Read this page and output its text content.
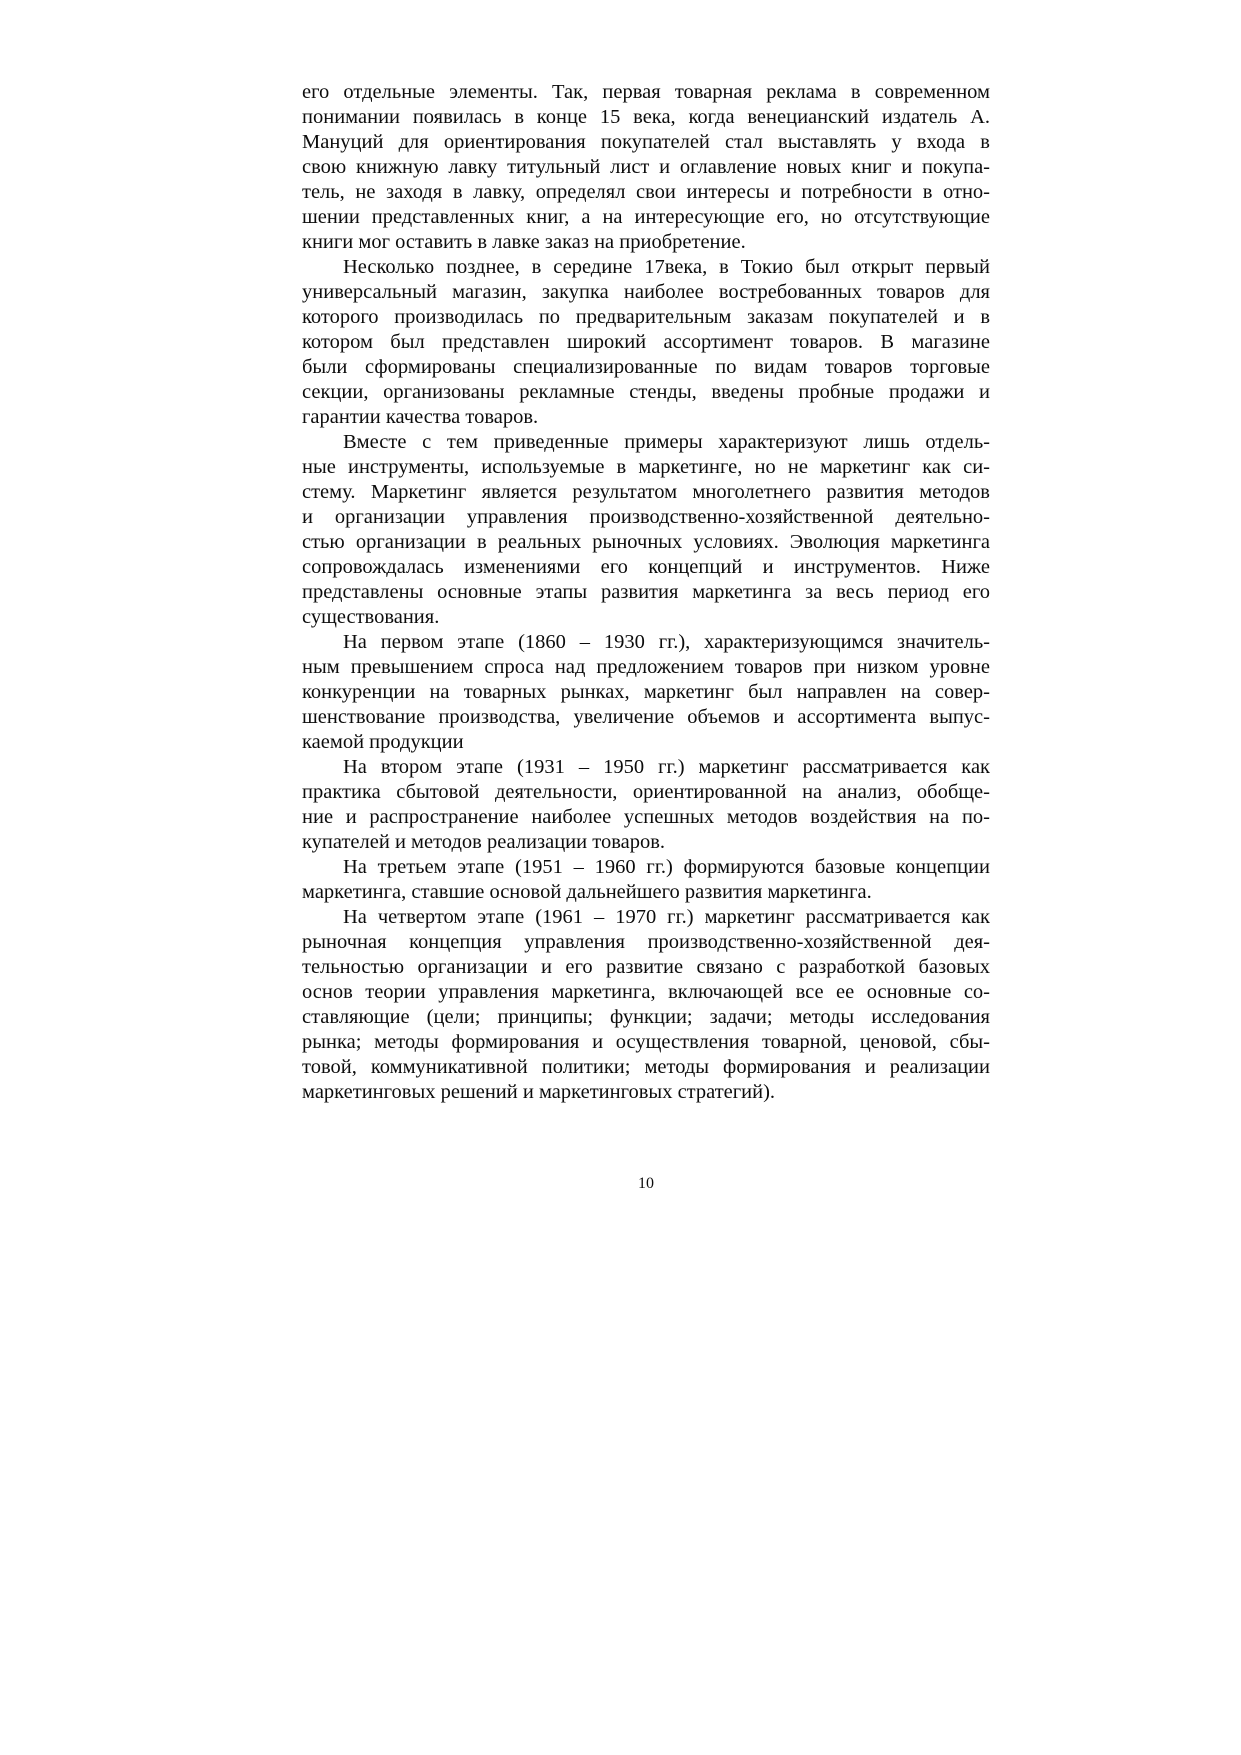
его отдельные элементы. Так, первая товарная реклама в современном
понимании появилась в конце 15 века, когда венецианский издатель А.
Мануций для ориентирования покупателей стал выставлять у входа в
свою книжную лавку титульный лист и оглавление новых книг и покупа-
тель, не заходя в лавку, определял свои интересы и потребности в отно-
шении представленных книг, а на интересующие его, но отсутствующие
книги мог оставить в лавке заказ на приобретение.
Несколько позднее, в середине 17века, в Токио был открыт первый
универсальный магазин, закупка наиболее востребованных товаров для
которого производилась по предварительным заказам покупателей и в
котором был представлен широкий ассортимент товаров. В магазине
были сформированы специализированные по видам товаров торговые
секции, организованы рекламные стенды, введены пробные продажи и
гарантии качества товаров.
Вместе с тем приведенные примеры характеризуют лишь отдель-
ные инструменты, используемые в маркетинге, но не маркетинг как си-
стему. Маркетинг является результатом многолетнего развития методов
и организации управления производственно-хозяйственной деятельно-
стью организации в реальных рыночных условиях. Эволюция маркетинга
сопровождалась изменениями его концепций и инструментов. Ниже
представлены основные этапы развития маркетинга за весь период его
существования.
На первом этапе (1860 – 1930 гг.), характеризующимся значитель-
ным превышением спроса над предложением товаров при низком уровне
конкуренции на товарных рынках, маркетинг был направлен на совер-
шенствование производства, увеличение объемов и ассортимента выпус-
каемой продукции
На втором этапе (1931 – 1950 гг.) маркетинг рассматривается как
практика сбытовой деятельности, ориентированной на анализ, обобще-
ние и распространение наиболее успешных методов воздействия на по-
купателей и методов реализации товаров.
На третьем этапе (1951 – 1960 гг.) формируются базовые концепции
маркетинга, ставшие основой дальнейшего развития маркетинга.
На четвертом этапе (1961 – 1970 гг.) маркетинг рассматривается как
рыночная концепция управления производственно-хозяйственной дея-
тельностью организации и его развитие связано с разработкой базовых
основ теории управления маркетинга, включающей все ее основные со-
ставляющие (цели; принципы; функции; задачи; методы исследования
рынка; методы формирования и осуществления товарной, ценовой, сбы-
товой, коммуникативной политики; методы формирования и реализации
маркетинговых решений и маркетинговых стратегий).
10
